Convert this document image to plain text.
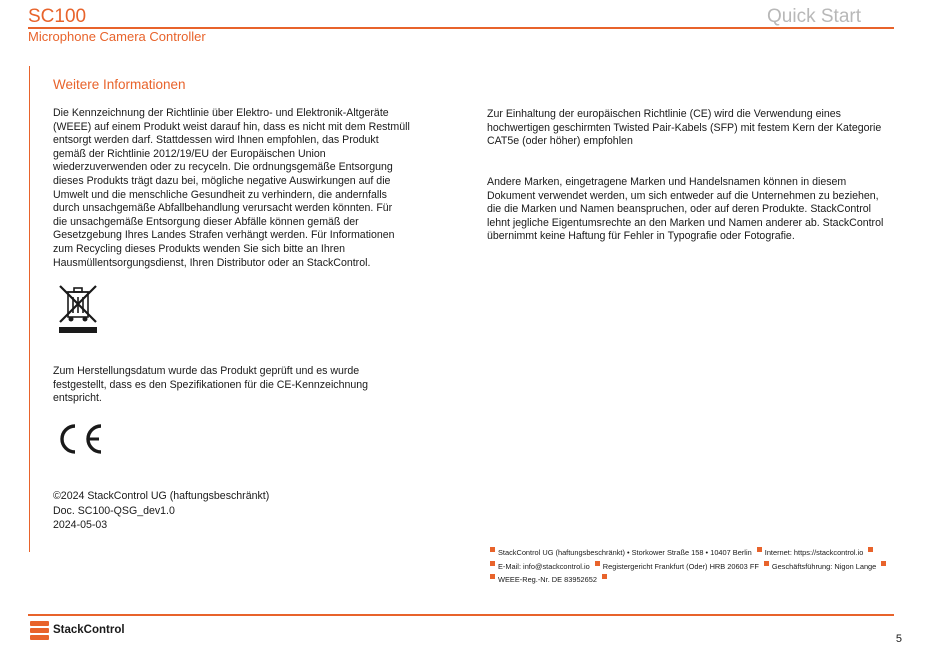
SC100	Quick Start
Microphone Camera Controller
Weitere Informationen
Die Kennzeichnung der Richtlinie über Elektro- und Elektronik-Altgeräte
(WEEE) auf einem Produkt weist darauf hin, dass es nicht mit dem Restmüll
entsorgt werden darf. Stattdessen wird Ihnen empfohlen, das Produkt
gemäß der Richtlinie 2012/19/EU der Europäischen Union
wiederzuverwenden oder zu recyceln. Die ordnungsgemäße Entsorgung
dieses Produkts trägt dazu bei, mögliche negative Auswirkungen auf die
Umwelt und die menschliche Gesundheit zu verhindern, die andernfalls
durch unsachgemäße Abfallbehandlung verursacht werden könnten. Für
die unsachgemäße Entsorgung dieser Abfälle können gemäß der
Gesetzgebung Ihres Landes Strafen verhängt werden. Für Informationen
zum Recycling dieses Produkts wenden Sie sich bitte an Ihren
Hausmüllentsorgungsdienst, Ihren Distributor oder an StackControl.
Zum Herstellungsdatum wurde das Produkt geprüft und es wurde
festgestellt, dass es den Spezifikationen für die CE-Kennzeichnung
entspricht.
©2024 StackControl UG (haftungsbeschränkt)
Doc. SC100-QSG_dev1.0
2024-05-03
Zur Einhaltung der europäischen Richtlinie (CE) wird die Verwendung eines
hochwertigen geschirmten Twisted Pair-Kabels (SFP) mit festem Kern der Kategorie
CAT5e (oder höher) empfohlen
Andere Marken, eingetragene Marken und Handelsnamen können in diesem
Dokument verwendet werden, um sich entweder auf die Unternehmen zu beziehen,
die die Marken und Namen beanspruchen, oder auf deren Produkte. StackControl
lehnt jegliche Eigentumsrechte an den Marken und Namen anderer ab. StackControl
übernimmt keine Haftung für Fehler in Typografie oder Fotografie.
StackControl UG (haftungsbeschränkt) • Storkower Straße 158 • 10407 Berlin Internet: https://stackcontrol.io
E-Mail: info@stackcontrol.io Registergericht Frankfurt (Oder) HRB 20603 FF Geschäftsführung: Nigon Lange
WEEE-Reg.-Nr. DE 83952652
StackControl
5
